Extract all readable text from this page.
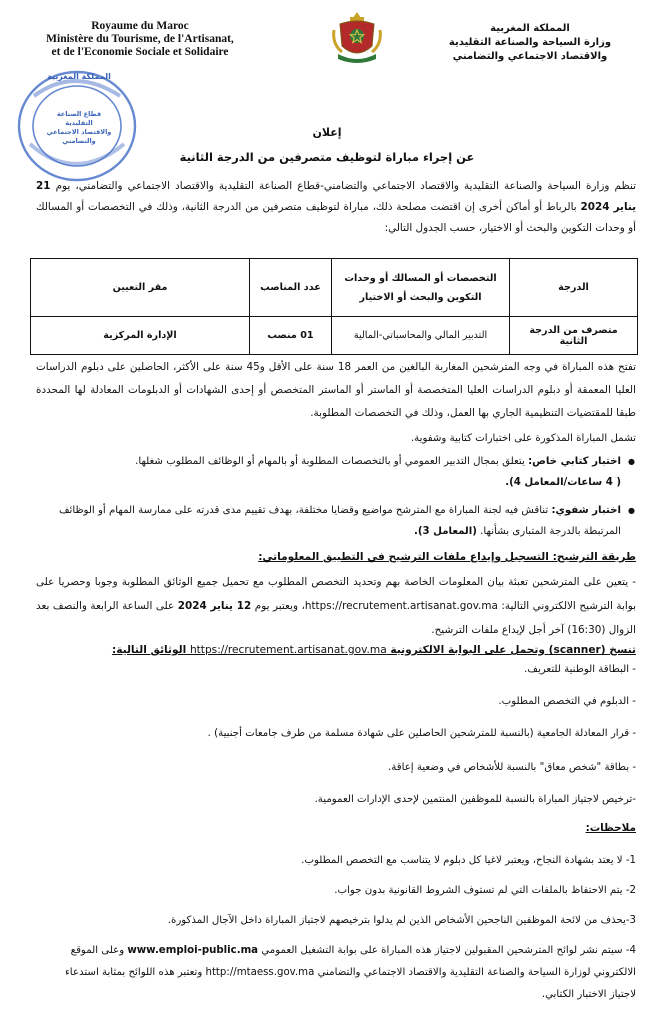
Royaume du Maroc
Ministère du Tourisme, de l'Artisanat,
et de l'Economie Sociale et Solidaire
المملكة المغربية
وزارة السياحة والصناعة التقليدية
والاقتصاد الاجتماعي والتضامني
المملكة المغربية
قطاع الصناعة التقليدية
والاقتصاد الاجتماعي
والتضامني
إعلان
عن إجراء مباراة لتوظيف متصرفين من الدرجة الثانية
تنظم وزارة السياحة والصناعة التقليدية والاقتصاد الاجتماعي والتضامني-قطاع الصناعة التقليدية والاقتصاد الاجتماعي والتضامني، يوم 21 يناير 2024 بالرباط أو أماكن أخرى إن اقتضت مصلحة ذلك، مباراة لتوظيف متصرفين من الدرجة الثانية، وذلك في التخصصات أو المسالك أو وحدات التكوين والبحث أو الاختيار، حسب الجدول التالي:
الدرجة	التخصصات أو المسالك أو وحدات التكوين والبحث أو الاختيار	عدد المناصب	مقر التعيين
متصرف من الدرجة الثانية	التدبير المالي والمحاسباتي-المالية	01 منصب	الإدارة المركزية
تفتح هذه المباراة في وجه المترشحين المغاربة البالغين من العمر 18 سنة على الأقل و45 سنة على الأكثر، الحاصلين على دبلوم الدراسات العليا المعمقة أو دبلوم الدراسات العليا المتخصصة أو الماستر أو الماستر المتخصص أو إحدى الشهادات أو الدبلومات المعادلة لها المحددة طبقا للمقتضيات التنظيمية الجاري بها العمل، وذلك في التخصصات المطلوبة.
تشمل المباراة المذكورة على اختبارات كتابية وشفوية.
● اختبار كتابي خاص: يتعلق بمجال التدبير العمومي أو بالتخصصات المطلوبة أو بالمهام أو الوظائف المطلوب شغلها.
( 4 ساعات/المعامل 4).
● اختبار شفوي: تناقش فيه لجنة المباراة مع المترشح مواضيع وقضايا مختلفة، بهدف تقييم مدى قدرته على ممارسة المهام أو الوظائف المرتبطة بالدرجة المتبارى بشأنها. (المعامل 3).
طريقة الترشيح: التسجيل وإيداع ملفات الترشيح في التطبيق المعلوماتي:
- يتعين على المترشحين تعبئة بيان المعلومات الخاصة بهم وتحديد التخصص المطلوب مع تحميل جميع الوثائق المطلوبة وجوبا وحصريا على بوابة الترشيح الالكتروني التالية: https://recrutement.artisanat.gov.ma، ويعتبر يوم 12 يناير 2024 على الساعة الرابعة والنصف بعد الزوال (16:30) آخر أجل لإيداع ملفات الترشيح.
تنسخ (scanner) وتحمل على البوابة الالكترونية https://recrutement.artisanat.gov.ma الوثائق التالية:
- البطاقة الوطنية للتعريف.
- الدبلوم في التخصص المطلوب.
- قرار المعادلة الجامعية (بالنسبة للمترشحين الحاصلين على شهادة مسلمة من طرف جامعات أجنبية) .
- بطاقة "شخص معاق" بالنسبة للأشخاص في وضعية إعاقة.
-ترخيص لاجتياز المباراة بالنسبة للموظفين المنتمين لإحدى الإدارات العمومية.
ملاحظات:
1- لا يعتد بشهادة النجاح، ويعتبر لاغيا كل دبلوم لا يتناسب مع التخصص المطلوب.
2- يتم الاحتفاظ بالملفات التي لم تستوف الشروط القانونية بدون جواب.
3-يحذف من لائحة الموظفين الناجحين الأشخاص الذين لم يدلوا بترخيصهم لاجتياز المباراة داخل الآجال المذكورة.
4- سيتم نشر لوائح المترشحين المقبولين لاجتياز هذه المباراة على بوابة التشغيل العمومي www.emploi-public.ma وعلى الموقع الالكتروني لوزارة السياحة والصناعة التقليدية والاقتصاد الاجتماعي والتضامني http://mtaess.gov.ma وتعتبر هذه اللوائح بمثابة استدعاء لاجتياز الاختبار الكتابي.
